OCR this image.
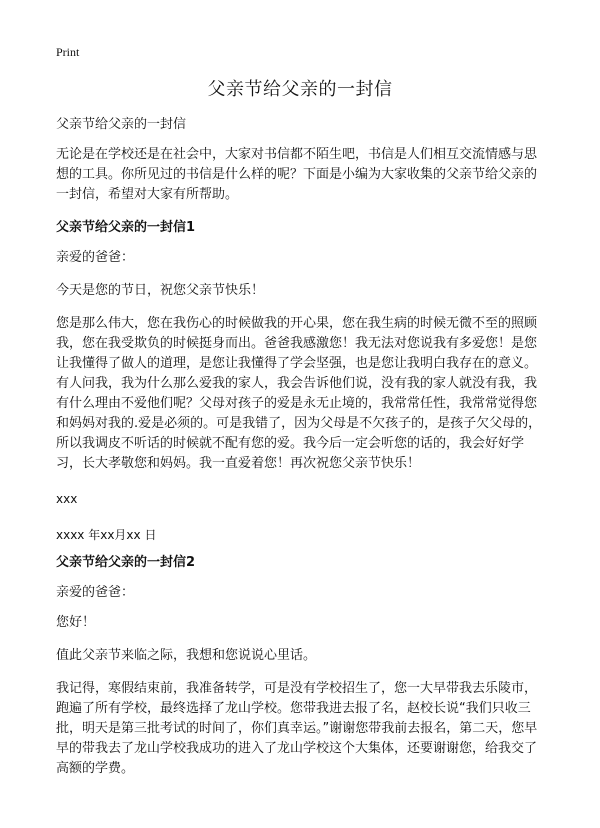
Print
父亲节给父亲的一封信

父亲节给父亲的一封信

无论是在学校还是在社会中，大家对书信都不陌生吧，书信是人们相互交流情感与思想的工具。你所见过的书信是什么样的呢？下面是小编为大家收集的父亲节给父亲的一封信，希望对大家有所帮助。

父亲节给父亲的一封信1

亲爱的爸爸：

今天是您的节日，祝您父亲节快乐！

您是那么伟大，您在我伤心的时候做我的开心果，您在我生病的时候无微不至的照顾我，您在我受欺负的时候挺身而出。爸爸我感激您！我无法对您说我有多爱您！是您让我懂得了做人的道理，是您让我懂得了学会坚强，也是您让我明白我存在的意义。有人问我，我为什么那么爱我的家人，我会告诉他们说，没有我的家人就没有我，我有什么理由不爱他们呢？父母对孩子的爱是永无止境的，我常常任性，我常常觉得您和妈妈对我的.爱是必须的。可是我错了，因为父母是不欠孩子的，是孩子欠父母的，所以我调皮不听话的时候就不配有您的爱。我今后一定会听您的话的，我会好好学习，长大孝敬您和妈妈。我一直爱着您！再次祝您父亲节快乐！

xxx

xxxx 年xx月xx 日

父亲节给父亲的一封信2

亲爱的爸爸：

您好！

值此父亲节来临之际，我想和您说说心里话。

我记得，寒假结束前，我准备转学，可是没有学校招生了，您一大早带我去乐陵市，跑遍了所有学校，最终选择了龙山学校。您带我进去报了名，赵校长说“我们只收三批，明天是第三批考试的时间了，你们真幸运。”谢谢您带我前去报名，第二天，您早早的带我去了龙山学校我成功的进入了龙山学校这个大集体，还要谢谢您，给我交了高额的学费。
